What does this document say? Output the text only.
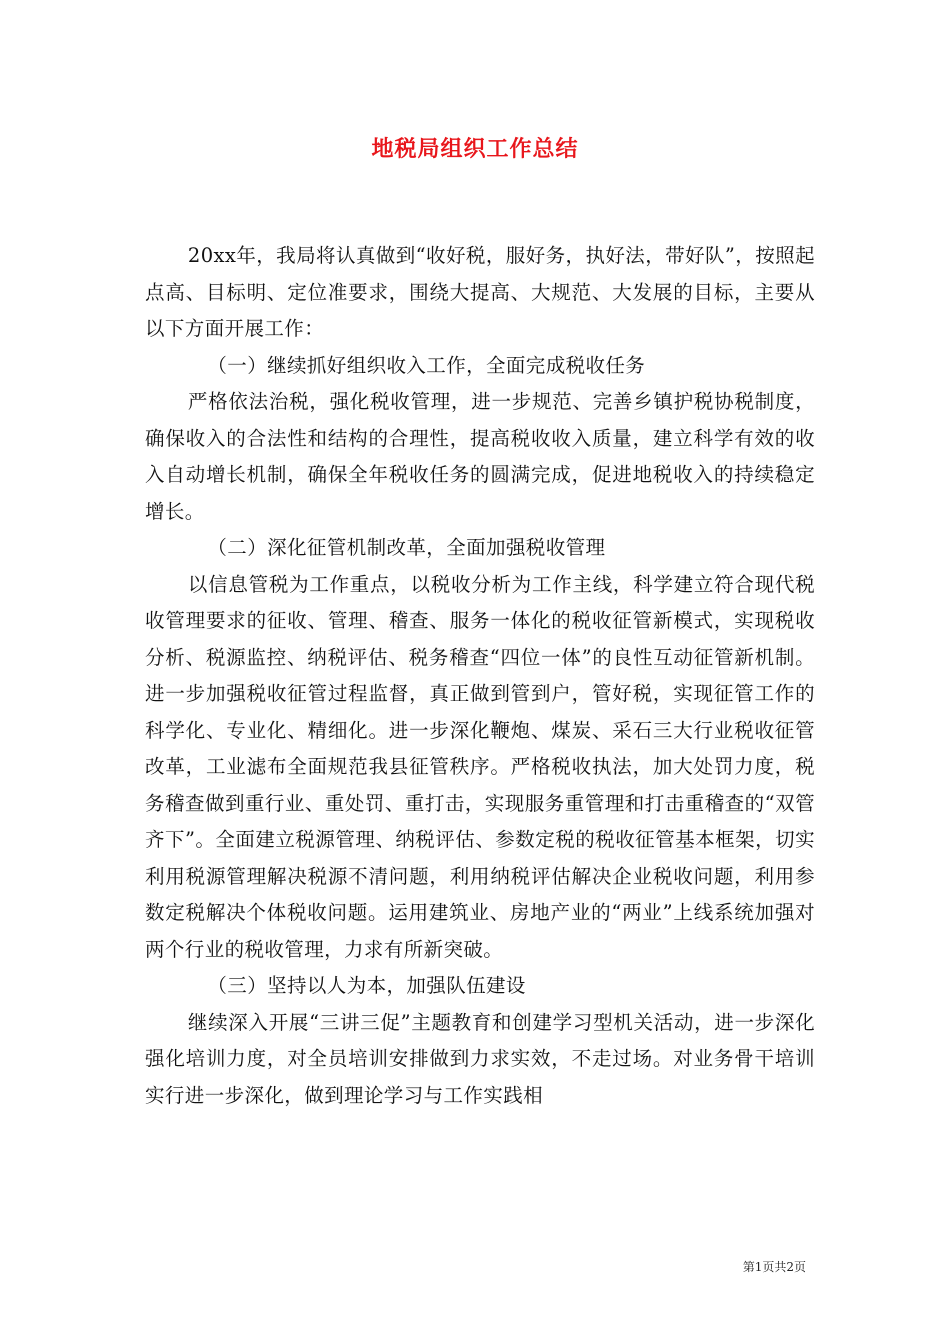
地税局组织工作总结

20xx年，我局将认真做到“收好税，服好务，执好法，带好队”，按照起点高、目标明、定位准要求，围绕大提高、大规范、大发展的目标，主要从以下方面开展工作：

（一）继续抓好组织收入工作，全面完成税收任务

严格依法治税，强化税收管理，进一步规范、完善乡镇护税协税制度，确保收入的合法性和结构的合理性，提高税收收入质量，建立科学有效的收入自动增长机制，确保全年税收任务的圆满完成，促进地税收入的持续稳定增长。

（二）深化征管机制改革，全面加强税收管理

以信息管税为工作重点，以税收分析为工作主线，科学建立符合现代税收管理要求的征收、管理、稽查、服务一体化的税收征管新模式，实现税收分析、税源监控、纳税评估、税务稽查“四位一体”的良性互动征管新机制。进一步加强税收征管过程监督，真正做到管到户，管好税，实现征管工作的科学化、专业化、精细化。进一步深化鞭炮、煤炭、采石三大行业税收征管改革，工业滤布全面规范我县征管秩序。严格税收执法，加大处罚力度，税务稽查做到重行业、重处罚、重打击，实现服务重管理和打击重稽查的“双管齐下”。全面建立税源管理、纳税评估、参数定税的税收征管基本框架，切实利用税源管理解决税源不清问题，利用纳税评估解决企业税收问题，利用参数定税解决个体税收问题。运用建筑业、房地产业的“两业”上线系统加强对两个行业的税收管理，力求有所新突破。

（三）坚持以人为本，加强队伍建设

继续深入开展“三讲三促”主题教育和创建学习型机关活动，进一步深化强化培训力度，对全员培训安排做到力求实效，不走过场。对业务骨干培训实行进一步深化，做到理论学习与工作实践相

第1页共2页
